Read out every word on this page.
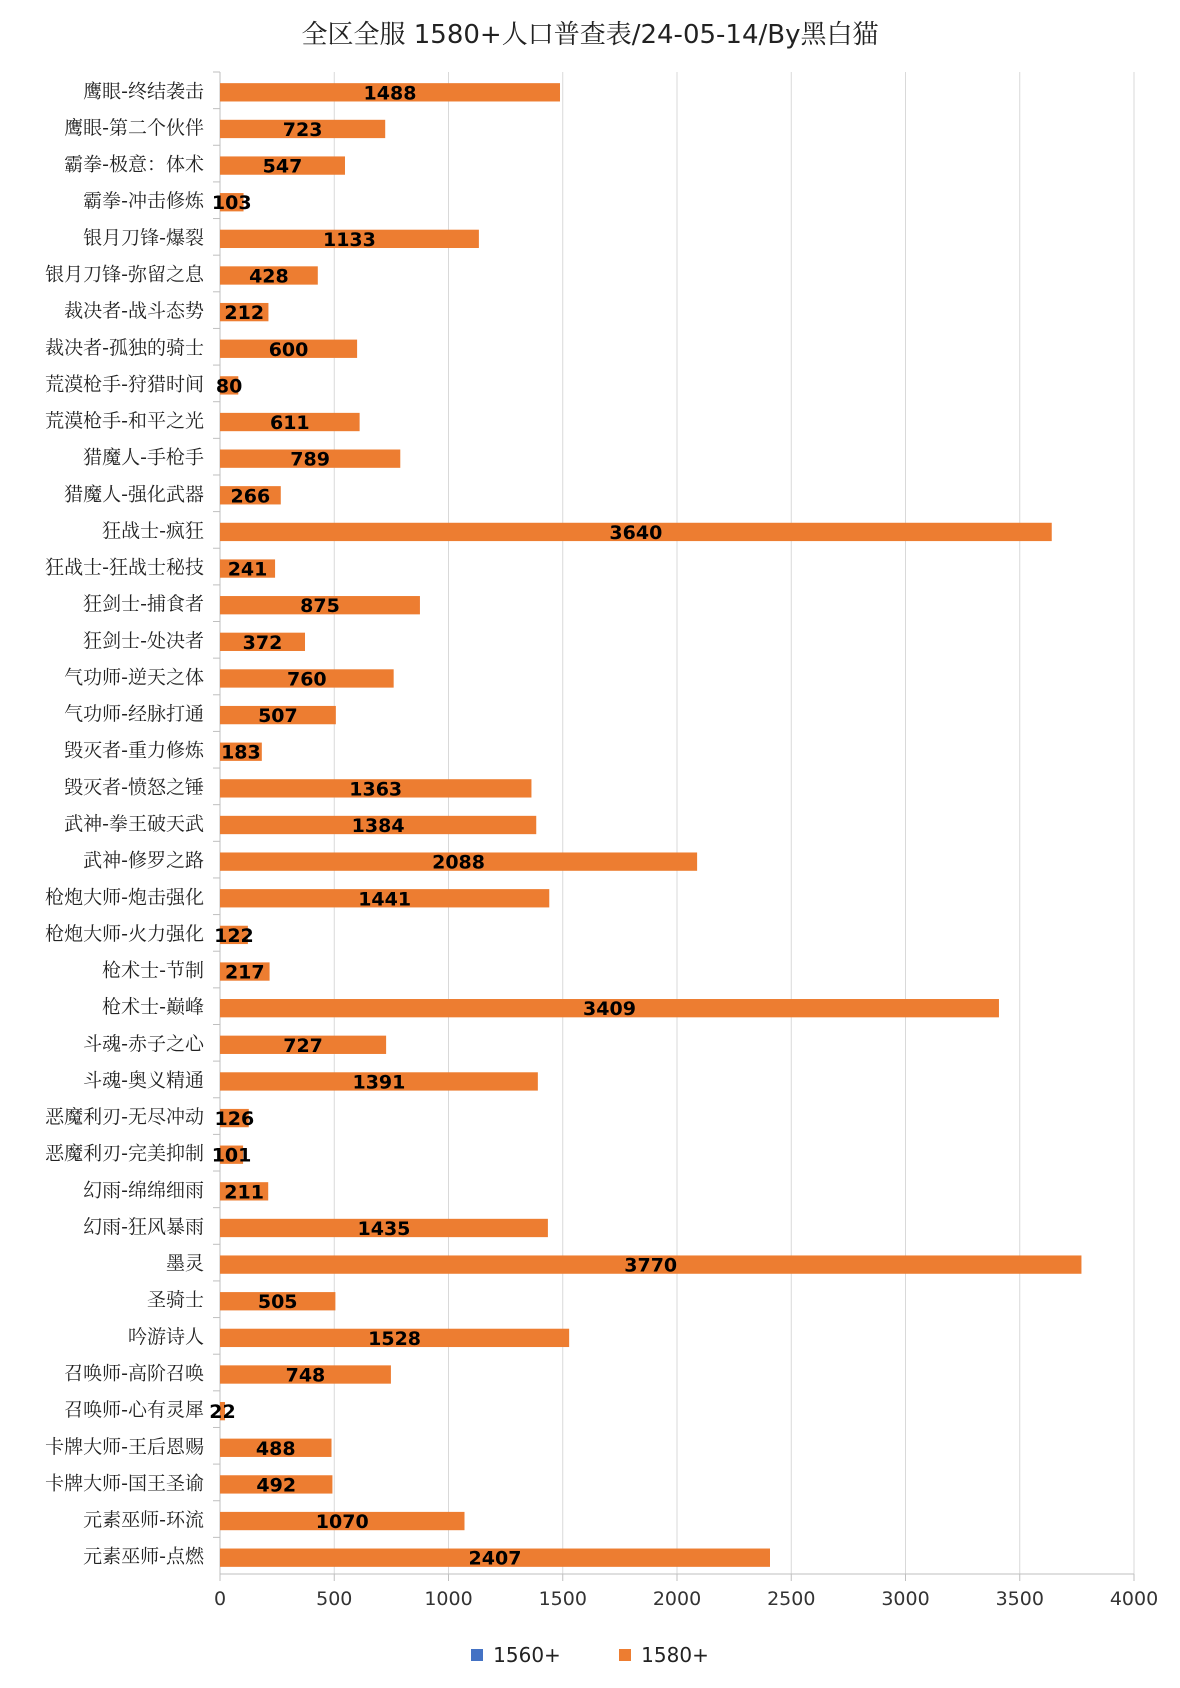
全区全服 1580+人口普查表/24-05-14/By黑白猫
0	500	1000	1500	2000	2500	3000	3500	4000
鹰眼-终结袭击	1488
鹰眼-第二个伙伴	723
霸拳-极意：体术	547
霸拳-冲击修炼 103
银月刀锋-爆裂	1133
银月刀锋-弥留之息 428
裁决者-战斗态势 212
裁决者-孤独的骑士	600
荒漠枪手-狩猎时间 80
荒漠枪手-和平之光	611
猎魔人-手枪手	789
猎魔人-强化武器 266
狂战士-疯狂	3640
狂战士-狂战士秘技 241
狂剑士-捕食者	875
狂剑士-处决者 372
气功师-逆天之体	760
气功师-经脉打通	507
毁灭者-重力修炼 183
毁灭者-愤怒之锤	1363
武神-拳王破天武	1384
武神-修罗之路	2088
枪炮大师-炮击强化	1441
枪炮大师-火力强化 122
枪术士-节制 217
枪术士-巅峰	3409
斗魂-赤子之心	727
斗魂-奥义精通	1391
恶魔利刃-无尽冲动 126
恶魔利刃-完美抑制 101
幻雨-绵绵细雨 211
幻雨-狂风暴雨	1435
墨灵	3770
圣骑士	505
吟游诗人	1528
召唤师-高阶召唤	748
召唤师-心有灵犀 22
卡牌大师-王后恩赐	488
卡牌大师-国王圣谕	492
元素巫师-环流	1070
元素巫师-点燃	2407
1560+
	1580+
